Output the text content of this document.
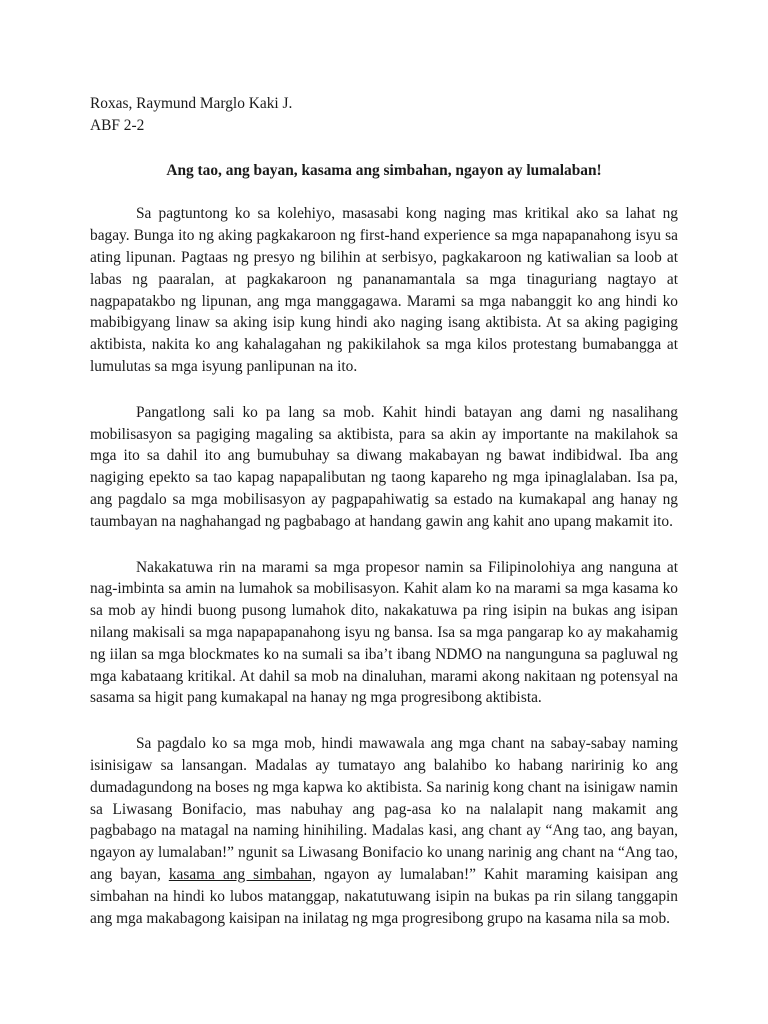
Roxas, Raymund Marglo Kaki J.
ABF 2-2
Ang tao, ang bayan, kasama ang simbahan, ngayon ay lumalaban!

Sa pagtuntong ko sa kolehiyo, masasabi kong naging mas kritikal ako sa lahat ng bagay. Bunga ito ng aking pagkakaroon ng first-hand experience sa mga napapanahong isyu sa ating lipunan. Pagtaas ng presyo ng bilihin at serbisyo, pagkakaroon ng katiwalian sa loob at labas ng paaralan, at pagkakaroon ng pananamantala sa mga tinaguriang nagtayo at nagpapatakbo ng lipunan, ang mga manggagawa. Marami sa mga nabanggit ko ang hindi ko mabibigyang linaw sa aking isip kung hindi ako naging isang aktibista. At sa aking pagiging aktibista, nakita ko ang kahalagahan ng pakikilahok sa mga kilos protestang bumabangga at lumulutas sa mga isyung panlipunan na ito.

Pangatlong sali ko pa lang sa mob. Kahit hindi batayan ang dami ng nasalihang mobilisasyon sa pagiging magaling sa aktibista, para sa akin ay importante na makilahok sa mga ito sa dahil ito ang bumubuhay sa diwang makabayan ng bawat indibidwal. Iba ang nagiging epekto sa tao kapag napapalibutan ng taong kapareho ng mga ipinaglalaban. Isa pa, ang pagdalo sa mga mobilisasyon ay pagpapahiwatig sa estado na kumakapal ang hanay ng taumbayan na naghahangad ng pagbabago at handang gawin ang kahit ano upang makamit ito.

Nakakatuwa rin na marami sa mga propesor namin sa Filipinolohiya ang nanguna at nag-imbinta sa amin na lumahok sa mobilisasyon. Kahit alam ko na marami sa mga kasama ko sa mob ay hindi buong pusong lumahok dito, nakakatuwa pa ring isipin na bukas ang isipan nilang makisali sa mga napapapanahong isyu ng bansa. Isa sa mga pangarap ko ay makahamig ng iilan sa mga blockmates ko na sumali sa iba’t ibang NDMO na nangunguna sa pagluwal ng mga kabataang kritikal. At dahil sa mob na dinaluhan, marami akong nakitaan ng potensyal na sasama sa higit pang kumakapal na hanay ng mga progresibong aktibista.

Sa pagdalo ko sa mga mob, hindi mawawala ang mga chant na sabay-sabay naming isinisigaw sa lansangan. Madalas ay tumatayo ang balahibo ko habang naririnig ko ang dumadagundong na boses ng mga kapwa ko aktibista. Sa narinig kong chant na isinigaw namin sa Liwasang Bonifacio, mas nabuhay ang pag-asa ko na nalalapit nang makamit ang pagbabago na matagal na naming hinihiling. Madalas kasi, ang chant ay “Ang tao, ang bayan, ngayon ay lumalaban!” ngunit sa Liwasang Bonifacio ko unang narinig ang chant na “Ang tao, ang bayan, kasama ang simbahan, ngayon ay lumalaban!” Kahit maraming kaisipan ang simbahan na hindi ko lubos matanggap, nakatutuwang isipin na bukas pa rin silang tanggapin ang mga makabagong kaisipan na inilatag ng mga progresibong grupo na kasama nila sa mob.
